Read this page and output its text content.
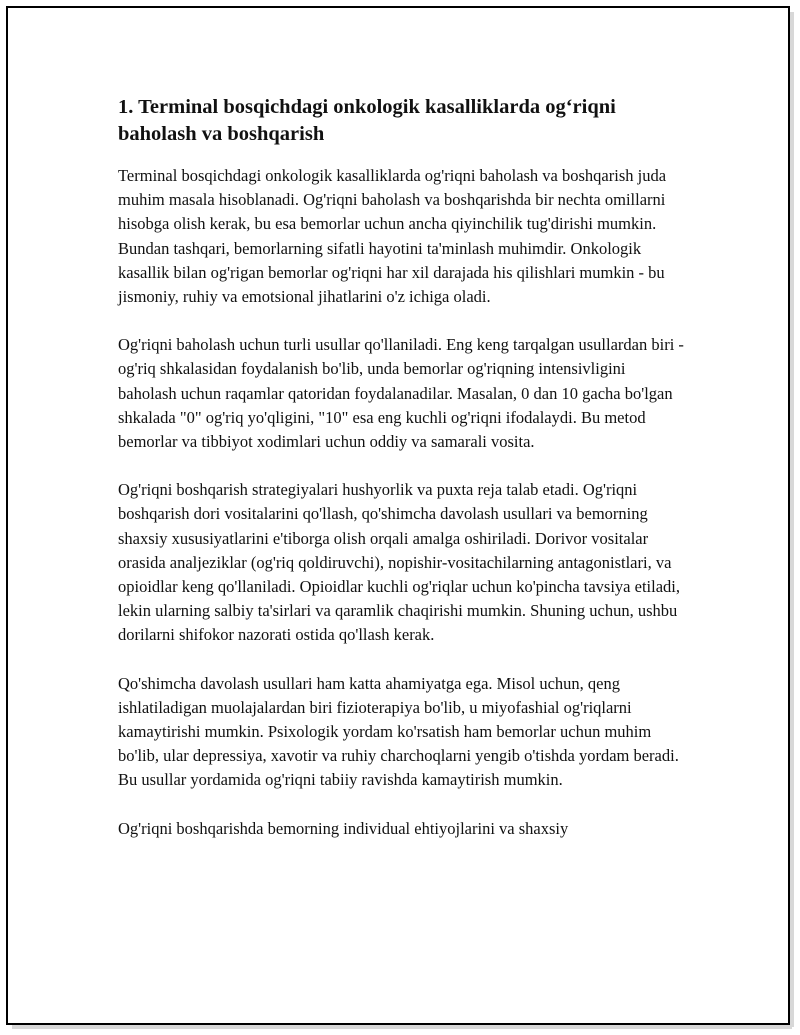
1. Terminal bosqichdagi onkologik kasalliklarda og‘riqni baholash va boshqarish

Terminal bosqichdagi onkologik kasalliklarda og'riqni baholash va boshqarish juda muhim masala hisoblanadi. Og'riqni baholash va boshqarishda bir nechta omillarni hisobga olish kerak, bu esa bemorlar uchun ancha qiyinchilik tug'dirishi mumkin. Bundan tashqari, bemorlarning sifatli hayotini ta'minlash muhimdir. Onkologik kasallik bilan og'rigan bemorlar og'riqni har xil darajada his qilishlari mumkin - bu jismoniy, ruhiy va emotsional jihatlarini o'z ichiga oladi.

Og'riqni baholash uchun turli usullar qo'llaniladi. Eng keng tarqalgan usullardan biri - og'riq shkalasidan foydalanish bo'lib, unda bemorlar og'riqning intensivligini baholash uchun raqamlar qatoridan foydalanadilar. Masalan, 0 dan 10 gacha bo'lgan shkalada "0" og'riq yo'qligini, "10" esa eng kuchli og'riqni ifodalaydi. Bu metod bemorlar va tibbiyot xodimlari uchun oddiy va samarali vosita.

Og'riqni boshqarish strategiyalari hushyorlik va puxta reja talab etadi. Og'riqni boshqarish dori vositalarini qo'llash, qo'shimcha davolash usullari va bemorning shaxsiy xususiyatlarini e'tiborga olish orqali amalga oshiriladi. Dorivor vositalar orasida analjeziklar (og'riq qoldiruvchi), nopishir-vositachilarning antagonistlari, va opioidlar keng qo'llaniladi. Opioidlar kuchli og'riqlar uchun ko'pincha tavsiya etiladi, lekin ularning salbiy ta'sirlari va qaramlik chaqirishi mumkin. Shuning uchun, ushbu dorilarni shifokor nazorati ostida qo'llash kerak.

Qo'shimcha davolash usullari ham katta ahamiyatga ega. Misol uchun, qeng ishlatiladigan muolajalardan biri fizioterapiya bo'lib, u miyofashial og'riqlarni kamaytirishi mumkin. Psixologik yordam ko'rsatish ham bemorlar uchun muhim bo'lib, ular depressiya, xavotir va ruhiy charchoqlarni yengib o'tishda yordam beradi. Bu usullar yordamida og'riqni tabiiy ravishda kamaytirish mumkin.

Og'riqni boshqarishda bemorning individual ehtiyojlarini va shaxsiy
